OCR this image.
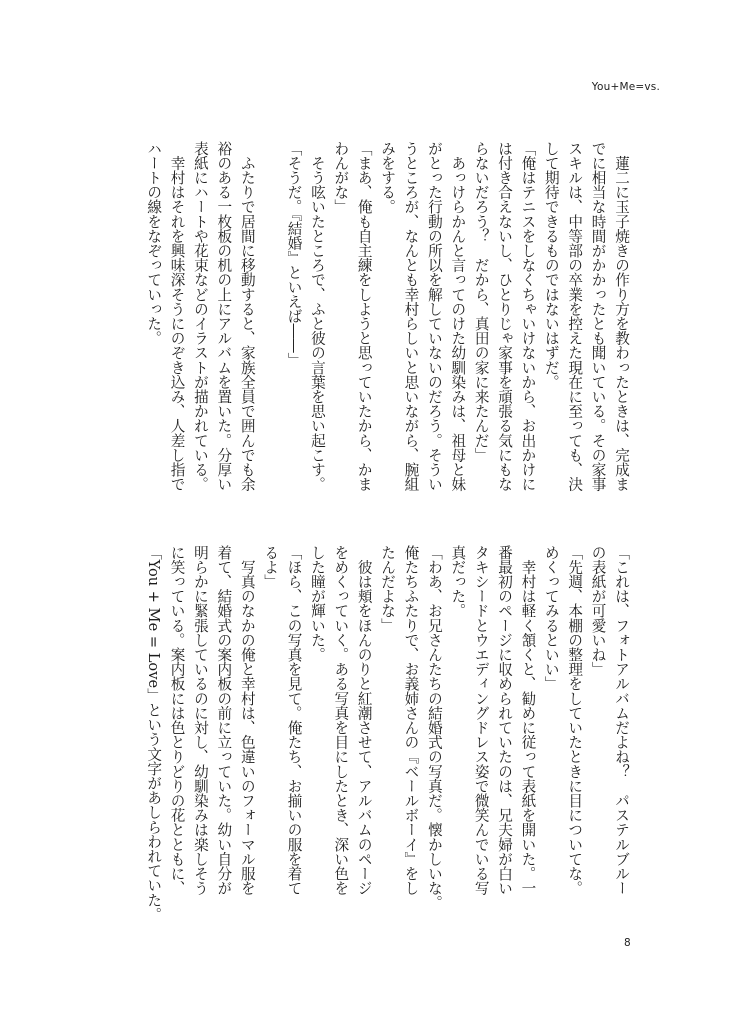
You+Me=vs.

　蓮二に玉子焼きの作り方を教わったときは、完成ま

でに相当な時間がかかったとも聞いている。その家事

スキルは、中等部の卒業を控えた現在に至っても、決

して期待できるものではないはずだ。

「俺はテニスをしなくちゃいけないから、お出かけに

は付き合えないし、ひとりじゃ家事を頑張る気にもな

らないだろう？　だから、真田の家に来たんだ」

　あっけらかんと言ってのけた幼馴染みは、祖母と妹

がとった行動の所以を解していないのだろう。そうい

うところが、なんとも幸村らしいと思いながら、腕組

みをする。

「まあ、俺も自主練をしようと思っていたから、かま

わんがな」

　そう呟いたところで、ふと彼の言葉を思い起こす。

「そうだ。『結婚』といえば――」

　ふたりで居間に移動すると、家族全員で囲んでも余

裕のある一枚板の机の上にアルバムを置いた。分厚い

表紙にハートや花束などのイラストが描かれている。

　幸村はそれを興味深そうにのぞき込み、人差し指で

ハートの線をなぞっていった。

「これは、フォトアルバムだよね？　パステルブルー

の表紙が可愛いね」

「先週、本棚の整理をしていたときに目についてな。

めくってみるといい」

　幸村は軽く頷くと、勧めに従って表紙を開いた。一

番最初のページに収められていたのは、兄夫婦が白い

タキシードとウエディングドレス姿で微笑んでいる写

真だった。

「わあ、お兄さんたちの結婚式の写真だ。懐かしいな。

俺たちふたりで、お義姉さんの『ベールボーイ』をし

たんだよな」

　彼は頬をほんのりと紅潮させて、アルバムのページ

をめくっていく。ある写真を目にしたとき、深い色を

した瞳が輝いた。

「ほら、この写真を見て。俺たち、お揃いの服を着て

るよ」

　写真のなかの俺と幸村は、色違いのフォーマル服を

着て、結婚式の案内板の前に立っていた。幼い自分が

明らかに緊張しているのに対し、幼馴染みは楽しそう

に笑っている。案内板には色とりどりの花とともに、

「You + Me = Love」という文字があしらわれていた。

8
